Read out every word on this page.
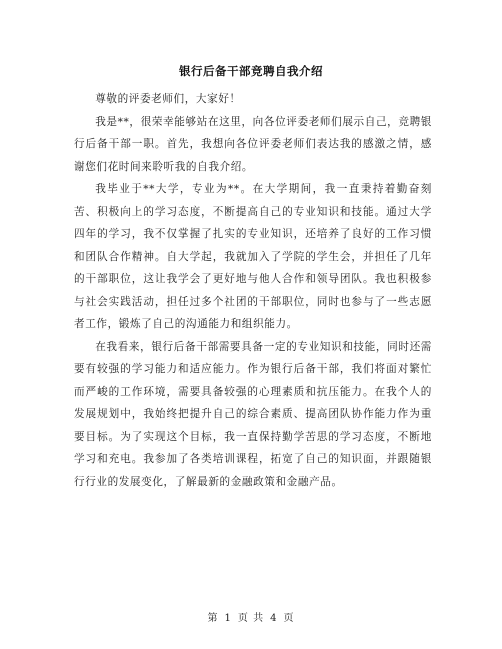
银行后备干部竞聘自我介绍

尊敬的评委老师们，大家好！

我是**，很荣幸能够站在这里，向各位评委老师们展示自己，竞聘银行后备干部一职。首先，我想向各位评委老师们表达我的感激之情，感谢您们花时间来聆听我的自我介绍。

我毕业于**大学，专业为**。在大学期间，我一直秉持着勤奋刻苦、积极向上的学习态度，不断提高自己的专业知识和技能。通过大学四年的学习，我不仅掌握了扎实的专业知识，还培养了良好的工作习惯和团队合作精神。自大学起，我就加入了学院的学生会，并担任了几年的干部职位，这让我学会了更好地与他人合作和领导团队。我也积极参与社会实践活动，担任过多个社团的干部职位，同时也参与了一些志愿者工作，锻炼了自己的沟通能力和组织能力。

在我看来，银行后备干部需要具备一定的专业知识和技能，同时还需要有较强的学习能力和适应能力。作为银行后备干部，我们将面对繁忙而严峻的工作环境，需要具备较强的心理素质和抗压能力。在我个人的发展规划中，我始终把提升自己的综合素质、提高团队协作能力作为重要目标。为了实现这个目标，我一直保持勤学苦思的学习态度，不断地学习和充电。我参加了各类培训课程，拓宽了自己的知识面，并跟随银行行业的发展变化，了解最新的金融政策和金融产品。

第 1 页 共 4 页
